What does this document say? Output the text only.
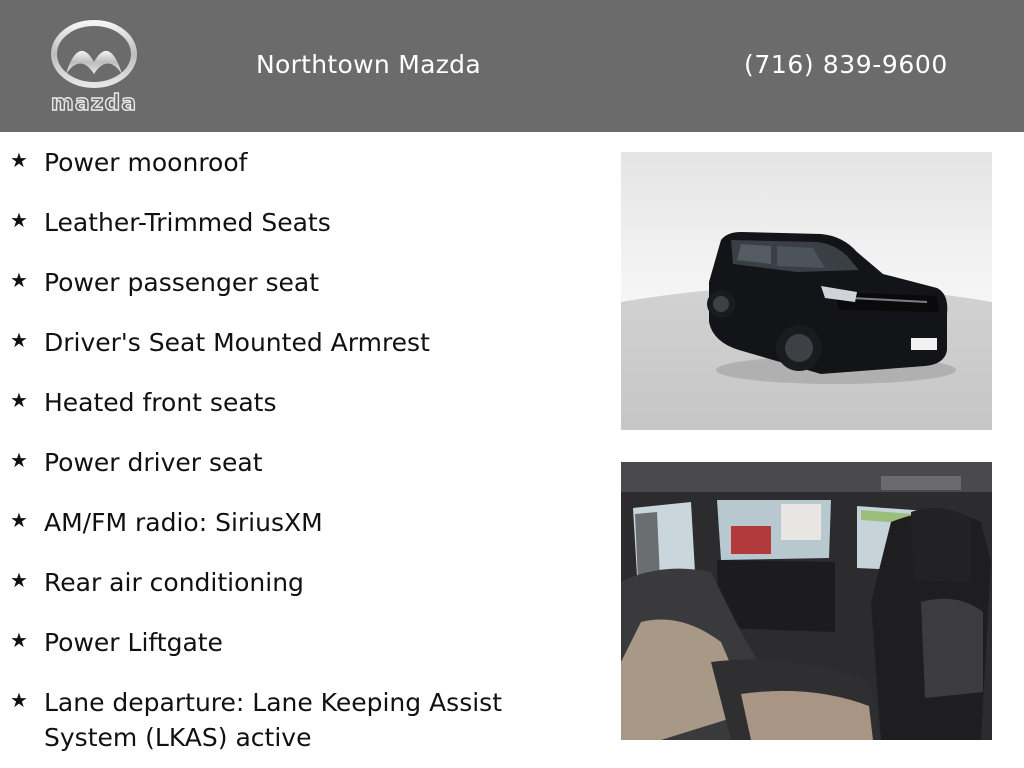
mazda
Northtown Mazda	(716) 839-9600
★ Power moonroof
★ Leather-Trimmed Seats
★ Power passenger seat
★ Driver's Seat Mounted Armrest
★ Heated front seats
★ Power driver seat
★ AM/FM radio: SiriusXM
★ Rear air conditioning
★ Power Liftgate
★ Lane departure: Lane Keeping Assist System (LKAS) active
